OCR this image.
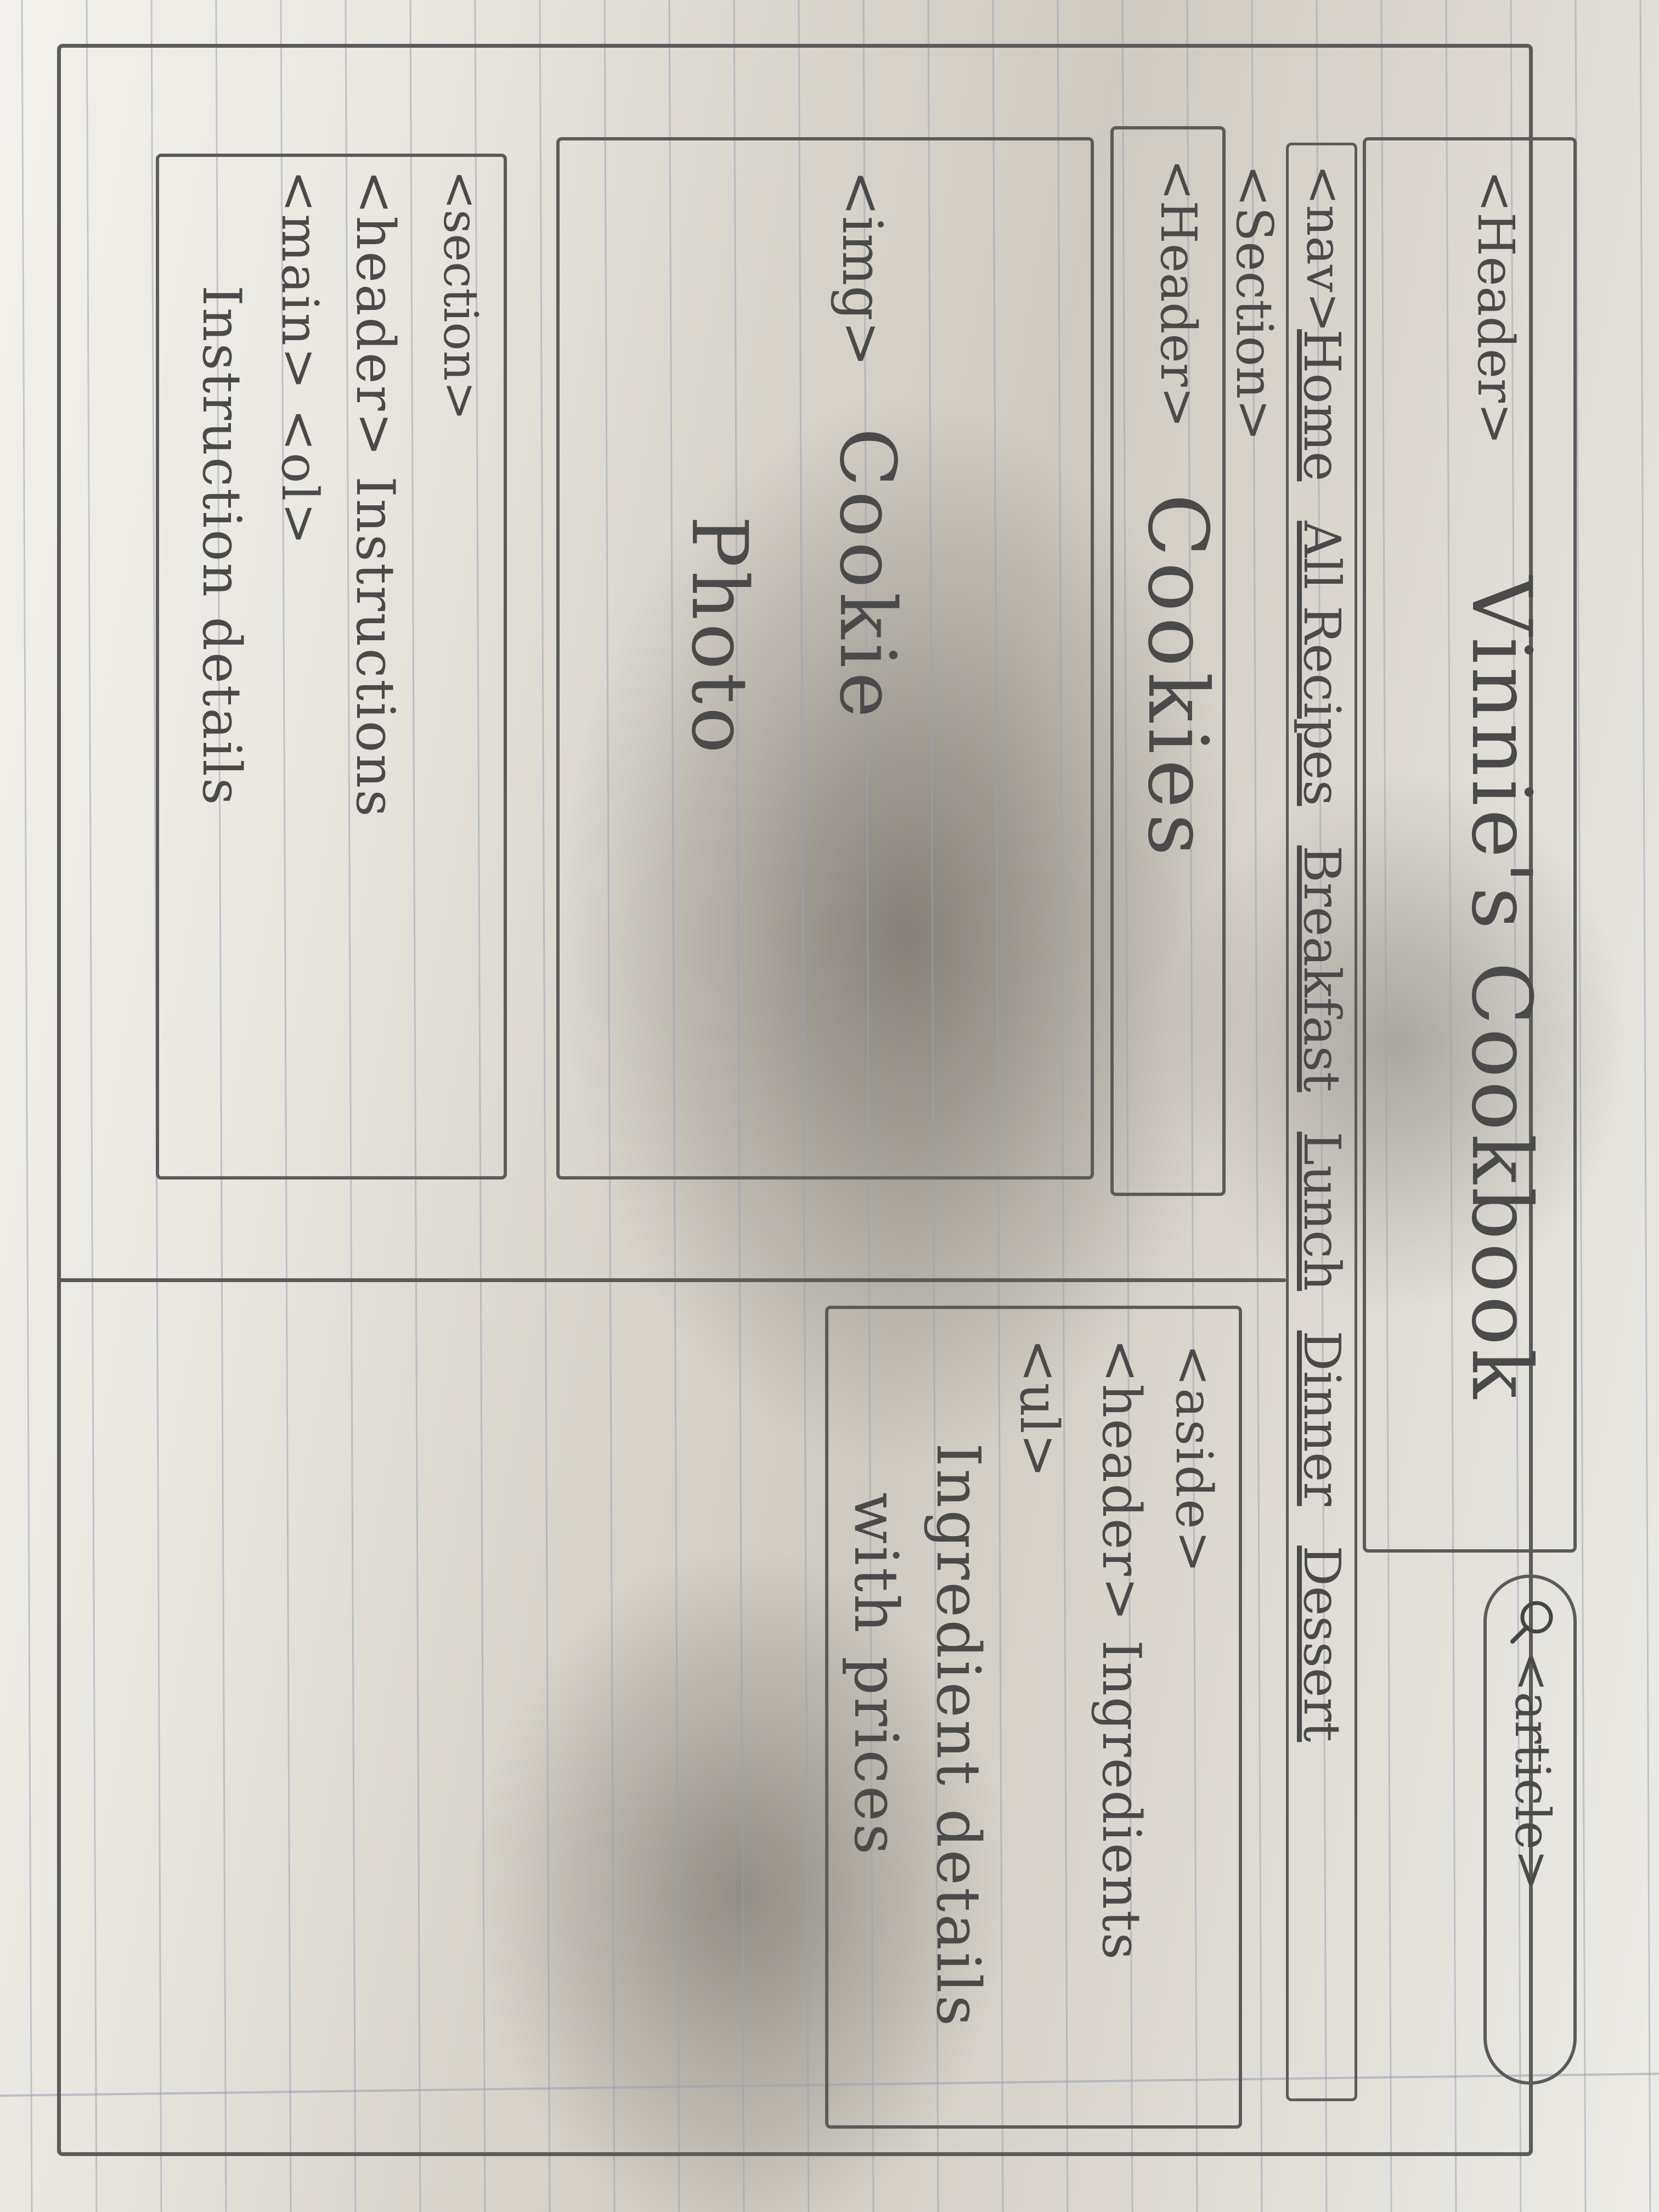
<Header>
Vinnie's Cookbook
<article>
<nav>
Home
All Recipes
Breakfast
Lunch
Dinner
Dessert
<Section>
<Header>
Cookies
<img>
Cookie
Photo
<section>
<header> Instructions
<main> <ol>
Instruction details
<aside>
<header> Ingredients
<ul>
Ingredient details
with prices
